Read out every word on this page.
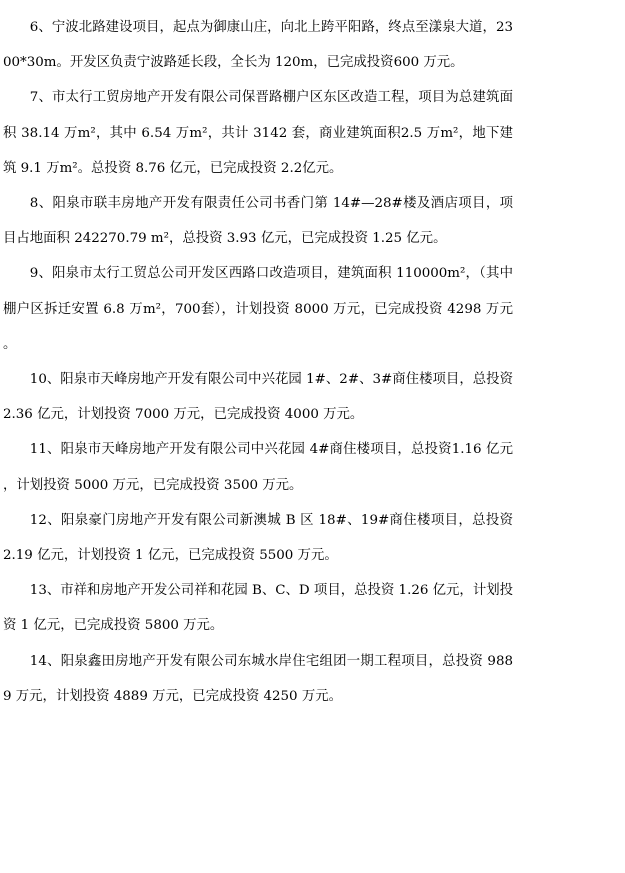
6、宁波北路建设项目，起点为御康山庄，向北上跨平阳路，终点至漾泉大道，2300*30m。开发区负责宁波路延长段，全长为 120m，已完成投资600 万元。

7、市太行工贸房地产开发有限公司保晋路棚户区东区改造工程，项目为总建筑面积 38.14 万m²，其中 6.54 万m²，共计 3142 套，商业建筑面积2.5 万m²，地下建筑 9.1 万m²。总投资 8.76 亿元，已完成投资 2.2亿元。

8、阳泉市联丰房地产开发有限责任公司书香门第 14#—28#楼及酒店项目，项目占地面积 242270.79 m²，总投资 3.93 亿元，已完成投资 1.25 亿元。

9、阳泉市太行工贸总公司开发区西路口改造项目，建筑面积 110000m²，（其中棚户区拆迁安置 6.8 万m²，700套），计划投资 8000 万元，已完成投资 4298 万元。

10、阳泉市天峰房地产开发有限公司中兴花园 1#、2#、3#商住楼项目，总投资 2.36 亿元，计划投资 7000 万元，已完成投资 4000 万元。

11、阳泉市天峰房地产开发有限公司中兴花园 4#商住楼项目，总投资1.16 亿元，计划投资 5000 万元，已完成投资 3500 万元。

12、阳泉豪门房地产开发有限公司新澳城 B 区 18#、19#商住楼项目，总投资 2.19 亿元，计划投资 1 亿元，已完成投资 5500 万元。

13、市祥和房地产开发公司祥和花园 B、C、D 项目，总投资 1.26 亿元，计划投资 1 亿元，已完成投资 5800 万元。

14、阳泉鑫田房地产开发有限公司东城水岸住宅组团一期工程项目，总投资 9889 万元，计划投资 4889 万元，已完成投资 4250 万元。
